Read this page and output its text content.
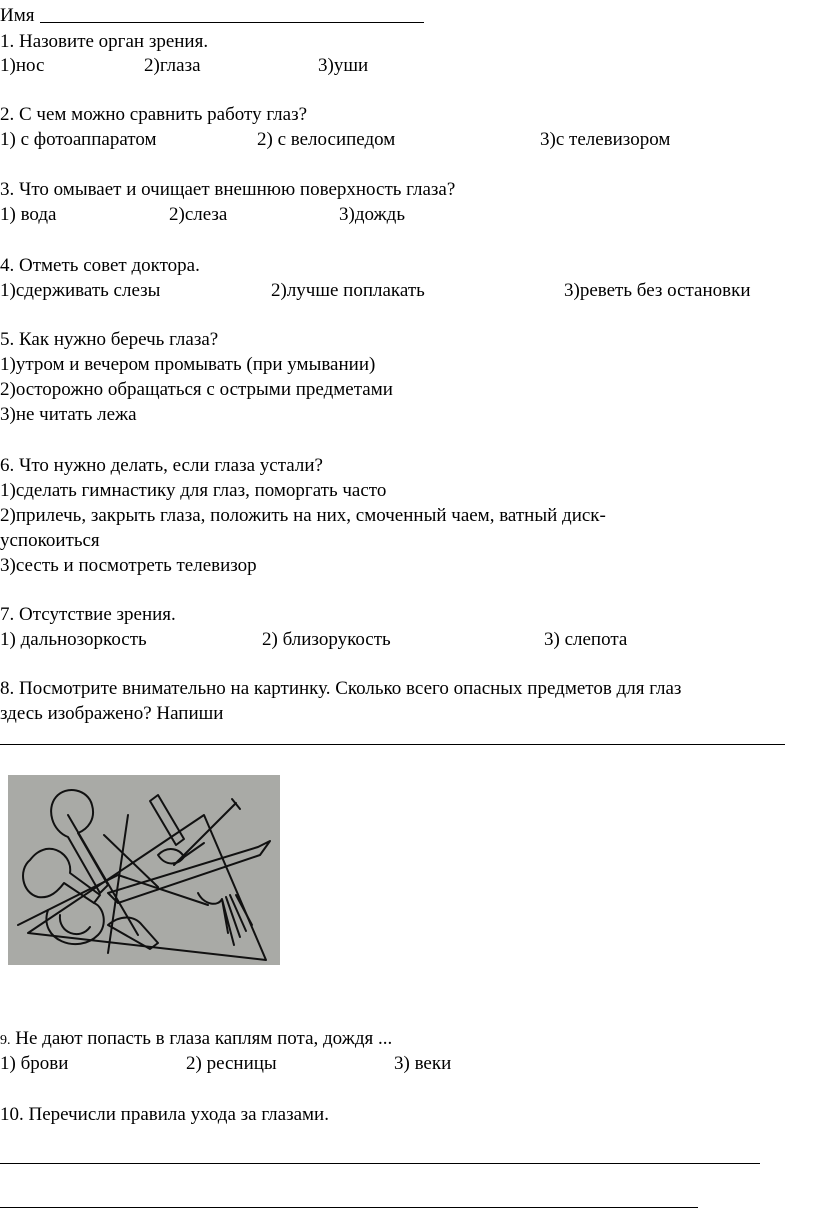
Имя
1. Назовите орган зрения.
1)нос	2)глаза	3)уши
2. С чем можно сравнить работу глаз?
1) с фотоаппаратом	2) с велосипедом	3)с телевизором
3. Что омывает и очищает внешнюю поверхность глаза?
1) вода	2)слеза	3)дождь
4. Отметь совет доктора.
1)сдерживать слезы	2)лучше поплакать	3)реветь без остановки
5. Как нужно беречь глаза?
1)утром и вечером промывать (при умывании)
2)осторожно обращаться с острыми предметами
3)не читать лежа
6. Что нужно делать, если глаза устали?
1)сделать гимнастику для глаз, поморгать часто
2)прилечь, закрыть глаза, положить на них, смоченный чаем, ватный диск-
успокоиться
3)сесть и посмотреть телевизор
7. Отсутствие зрения.
1) дальнозоркость	2) близорукость	3) слепота
8. Посмотрите внимательно на картинку. Сколько всего опасных предметов для глаз
здесь изображено? Напиши
9. Не дают попасть в глаза каплям пота, дождя ...
1) брови	2) ресницы	3) веки
10. Перечисли правила ухода за глазами.
